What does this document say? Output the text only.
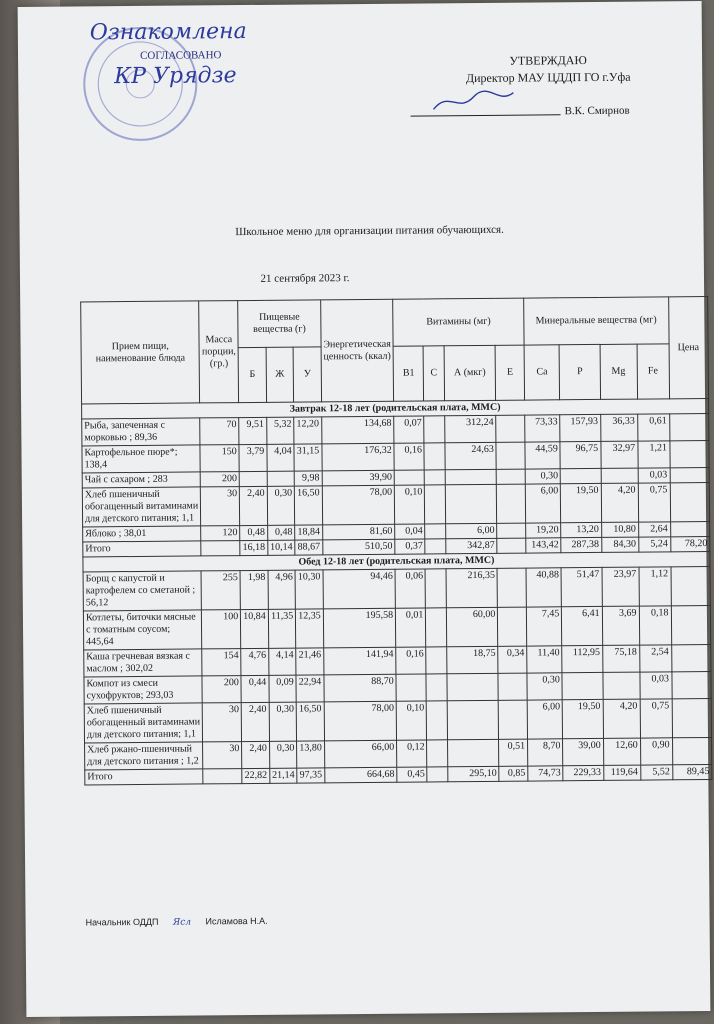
Ознакомлена
СОГЛАСОВАНО
КР Урядзе
УТВЕРЖДАЮ
Директор МАУ ЦДДП ГО г.Уфа
В.К. Смирнов
Школьное меню для организации питания обучающихся.
21 сентября 2023 г.
Прием пищи, наименование блюда	Масса порции, (гр.)	Пищевые вещества (г)			Энергетическая ценность (ккал)	Витамины (мг)				Минеральные вещества (мг)				Цена
		Б	Ж	У		B1	C	А (мкг)	Е	Ca	P	Mg	Fe	
Завтрак 12-18 лет (родительская плата, ММС)														
Рыба, запеченная с морковью ; 89,36	70	9,51	5,32	12,20	134,68	0,07		312,24		73,33	157,93	36,33	0,61	
Картофельное пюре*; 138,4	150	3,79	4,04	31,15	176,32	0,16		24,63		44,59	96,75	32,97	1,21	
Чай с сахаром ; 283	200			9,98	39,90					0,30			0,03	
Хлеб пшеничный обогащенный витаминами для детского питания; 1,1	30	2,40	0,30	16,50	78,00	0,10				6,00	19,50	4,20	0,75	
Яблоко ; 38,01	120	0,48	0,48	18,84	81,60	0,04		6,00		19,20	13,20	10,80	2,64	
Итого		16,18	10,14	88,67	510,50	0,37		342,87		143,42	287,38	84,30	5,24	78,20
Обед 12-18 лет (родительская плата, ММС)														
Борщ с капустой и картофелем со сметаной ; 56,12	255	1,98	4,96	10,30	94,46	0,06		216,35		40,88	51,47	23,97	1,12	
Котлеты, биточки мясные с томатным соусом; 445,64	100	10,84	11,35	12,35	195,58	0,01		60,00		7,45	6,41	3,69	0,18	
Каша гречневая вязкая с маслом ; 302,02	154	4,76	4,14	21,46	141,94	0,16		18,75	0,34	11,40	112,95	75,18	2,54	
Компот из смеси сухофруктов; 293,03	200	0,44	0,09	22,94	88,70					0,30			0,03	
Хлеб пшеничный обогащенный витаминами для детского питания; 1,1	30	2,40	0,30	16,50	78,00	0,10				6,00	19,50	4,20	0,75	
Хлеб ржано-пшеничный для детского питания ; 1,2	30	2,40	0,30	13,80	66,00	0,12			0,51	8,70	39,00	12,60	0,90	
Итого		22,82	21,14	97,35	664,68	0,45		295,10	0,85	74,73	229,33	119,64	5,52	89,45
Начальник ОДДП Ясл Исламова Н.А.
